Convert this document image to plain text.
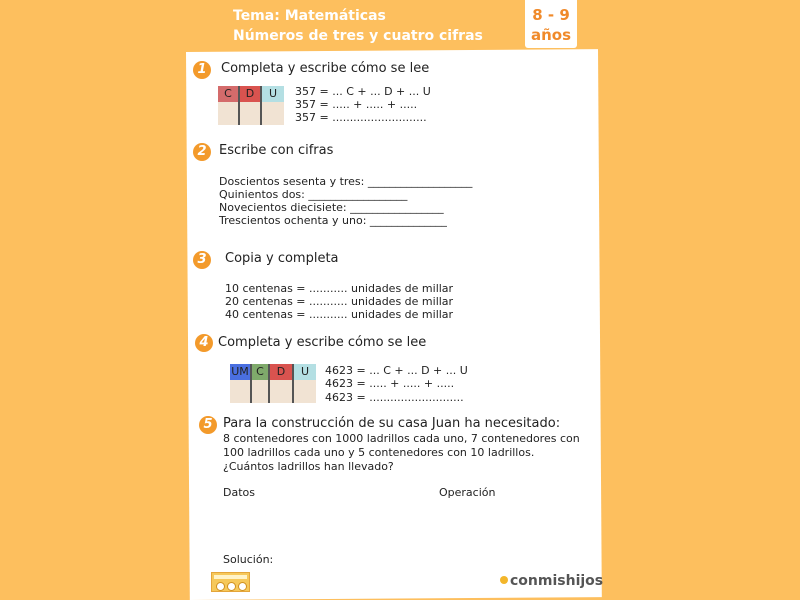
Tema: Matemáticas
Números de tres y cuatro cifras
8 - 9
años
1	Completa y escribe cómo se lee
C	D	U	357 = ... C + ... D + ... U
357 = ..... + ..... + .....
357 = ...........................
2 Escribe con cifras
Doscientos sesenta y tres: ___________________
Quinientos dos: __________________
Novecientos diecisiete: _________________
Trescientos ochenta y uno: ______________
3	Copia y completa
10 centenas = ........... unidades de millar
20 centenas = ........... unidades de millar
40 centenas = ........... unidades de millar
4 Completa y escribe cómo se lee
UM C	D	U	4623 = ... C + ... D + ... U
4623 = ..... + ..... + .....
4623 = ...........................
5 Para la construcción de su casa Juan ha necesitado:
8 contenedores con 1000 ladrillos cada uno, 7 contenedores con
100 ladrillos cada uno y 5 contenedores con 10 ladrillos.
¿Cuántos ladrillos han llevado?
Datos	Operación
Solución:
conmishijos
